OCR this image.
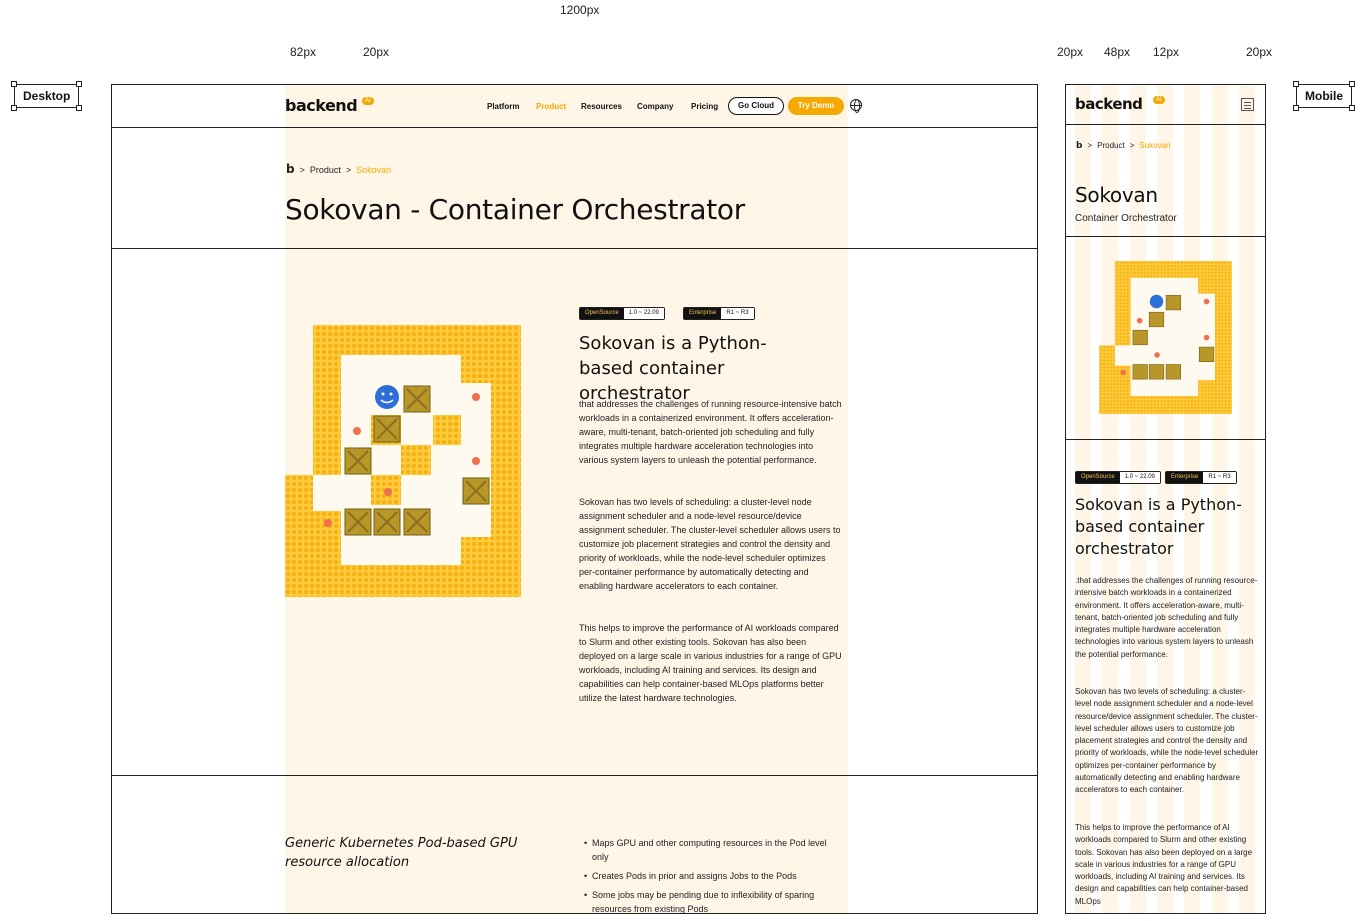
1200px
82px	20px	20px 48px 12px	20px
Desktop	Mobile
backend	AI
Platform Product Resources Company Pricing	Go Cloud	Try Demo
b > Product > Sokovan
Sokovan - Container Orchestrator
OpenSource	1.0 ~ 22.09	Enterprise	R1 ~ R3
Sokovan is a Python-based container orchestrator
that addresses the challenges of running resource-intensive batch workloads in a containerized environment. It offers acceleration-aware, multi-tenant, batch-oriented job scheduling and fully integrates multiple hardware acceleration technologies into various system layers to unleash the potential performance.
Sokovan has two levels of scheduling: a cluster-level node assignment scheduler and a node-level resource/device assignment scheduler. The cluster-level scheduler allows users to customize job placement strategies and control the density and priority of workloads, while the node-level scheduler optimizes per-container performance by automatically detecting and enabling hardware accelerators to each container.
This helps to improve the performance of AI workloads compared to Slurm and other existing tools. Sokovan has also been deployed on a large scale in various industries for a range of GPU workloads, including AI training and services. Its design and capabilities can help container-based MLOps platforms better utilize the latest hardware technologies.
Generic Kubernetes Pod-based GPU resource allocation
• Maps GPU and other computing resources in the Pod level only
• Creates Pods in prior and assigns Jobs to the Pods
• Some jobs may be pending due to inflexibility of sparing resources from existing Pods
backend	AI
b > Product > Sokovan
Sokovan
Container Orchestrator
OpenSource	1.0 ~ 22.09	Enterprise	R1 ~ R3
Sokovan is a Python-based container orchestrator
.that addresses the challenges of running resource-intensive batch workloads in a containerized environment. It offers acceleration-aware, multi-tenant, batch-oriented job scheduling and fully integrates multiple hardware acceleration technologies into various system layers to unleash the potential performance.
Sokovan has two levels of scheduling: a cluster-level node assignment scheduler and a node-level resource/device assignment scheduler. The cluster-level scheduler allows users to customize job placement strategies and control the density and priority of workloads, while the node-level scheduler optimizes per-container performance by automatically detecting and enabling hardware accelerators to each container.
This helps to improve the performance of AI workloads compared to Slurm and other existing tools. Sokovan has also been deployed on a large scale in various industries for a range of GPU workloads, including AI training and services. Its design and capabilities can help container-based MLOps
